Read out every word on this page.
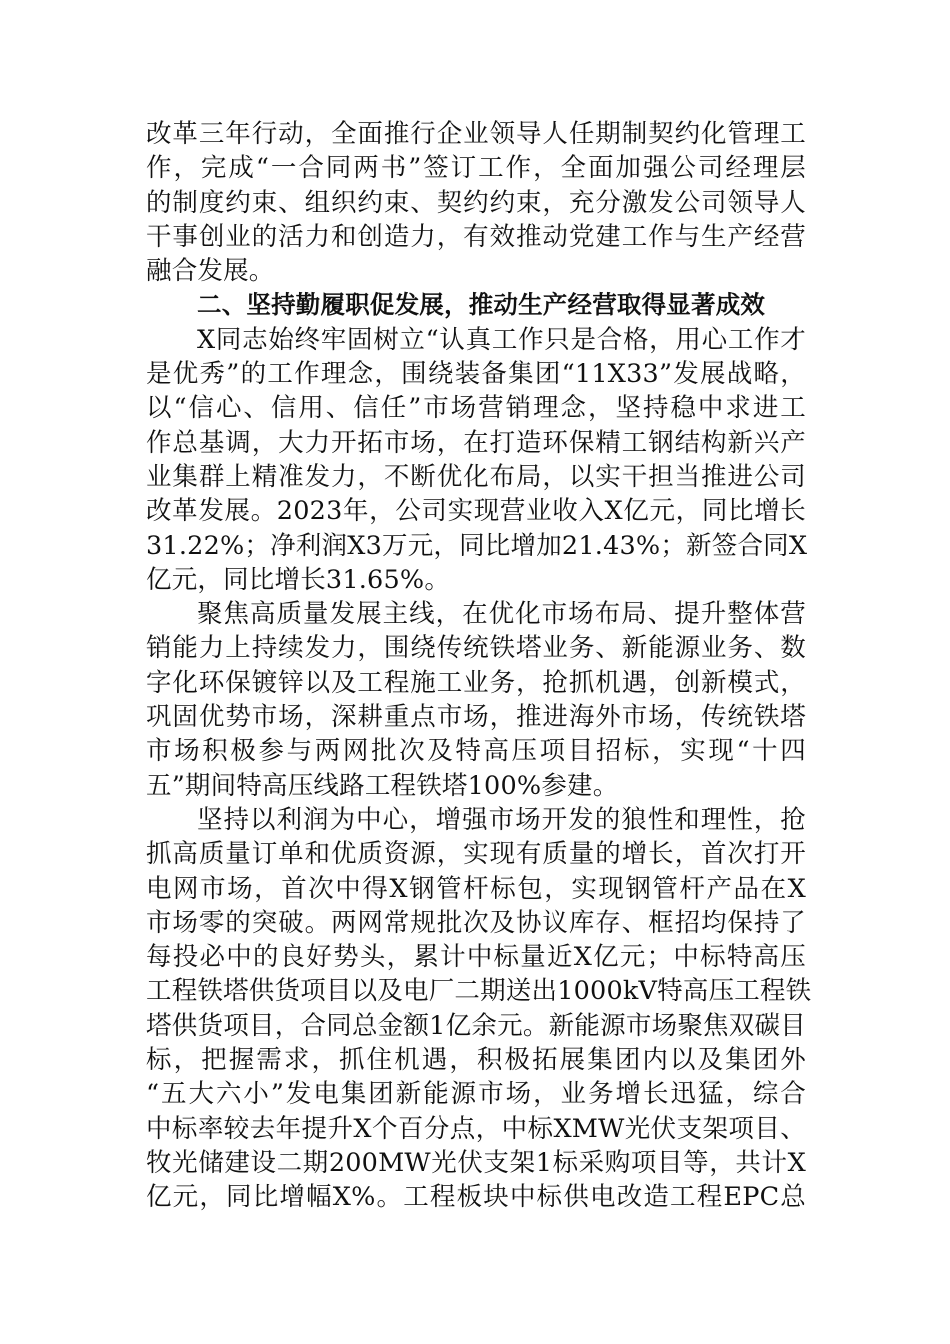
改革三年行动，全面推行企业领导人任期制契约化管理工
作，完成“一合同两书”签订工作，全面加强公司经理层
的制度约束、组织约束、契约约束，充分激发公司领导人
干事创业的活力和创造力，有效推动党建工作与生产经营
融合发展。
二、坚持勤履职促发展，推动生产经营取得显著成效
X同志始终牢固树立“认真工作只是合格，用心工作才
是优秀”的工作理念，围绕装备集团“11X33”发展战略，
以“信心、信用、信任”市场营销理念，坚持稳中求进工
作总基调，大力开拓市场，在打造环保精工钢结构新兴产
业集群上精准发力，不断优化布局，以实干担当推进公司
改革发展。2023年，公司实现营业收入X亿元，同比增长
31.22%；净利润X3万元，同比增加21.43%；新签合同X
亿元，同比增长31.65%。
聚焦高质量发展主线，在优化市场布局、提升整体营
销能力上持续发力，围绕传统铁塔业务、新能源业务、数
字化环保镀锌以及工程施工业务，抢抓机遇，创新模式，
巩固优势市场，深耕重点市场，推进海外市场，传统铁塔
市场积极参与两网批次及特高压项目招标，实现“十四
五”期间特高压线路工程铁塔100%参建。
坚持以利润为中心，增强市场开发的狼性和理性，抢
抓高质量订单和优质资源，实现有质量的增长，首次打开
电网市场，首次中得X钢管杆标包，实现钢管杆产品在X
市场零的突破。两网常规批次及协议库存、框招均保持了
每投必中的良好势头，累计中标量近X亿元；中标特高压
工程铁塔供货项目以及电厂二期送出1000kV特高压工程铁
塔供货项目，合同总金额1亿余元。新能源市场聚焦双碳目
标，把握需求，抓住机遇，积极拓展集团内以及集团外
“五大六小”发电集团新能源市场，业务增长迅猛，综合
中标率较去年提升X个百分点，中标XMW光伏支架项目、
牧光储建设二期200MW光伏支架1标采购项目等，共计X
亿元，同比增幅X%。工程板块中标供电改造工程EPC总
